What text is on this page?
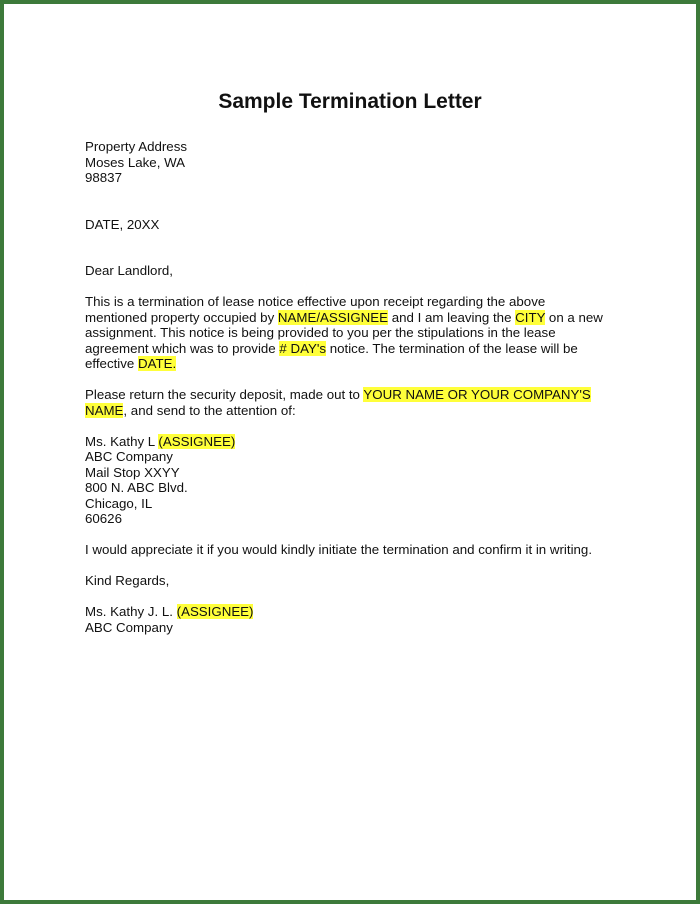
Sample Termination Letter
Property Address
Moses Lake, WA
98837
DATE, 20XX
Dear Landlord,
This is a termination of lease notice effective upon receipt regarding the above
mentioned property occupied by NAME/ASSIGNEE and I am leaving the CITY on a new
assignment. This notice is being provided to you per the stipulations in the lease
agreement which was to provide # DAY's notice. The termination of the lease will be
effective DATE.
Please return the security deposit, made out to YOUR NAME OR YOUR COMPANY'S
NAME, and send to the attention of:
Ms. Kathy L (ASSIGNEE)
ABC Company
Mail Stop XXYY
800 N. ABC Blvd.
Chicago, IL
60626
I would appreciate it if you would kindly initiate the termination and confirm it in writing.
Kind Regards,
Ms. Kathy J. L. (ASSIGNEE)
ABC Company
